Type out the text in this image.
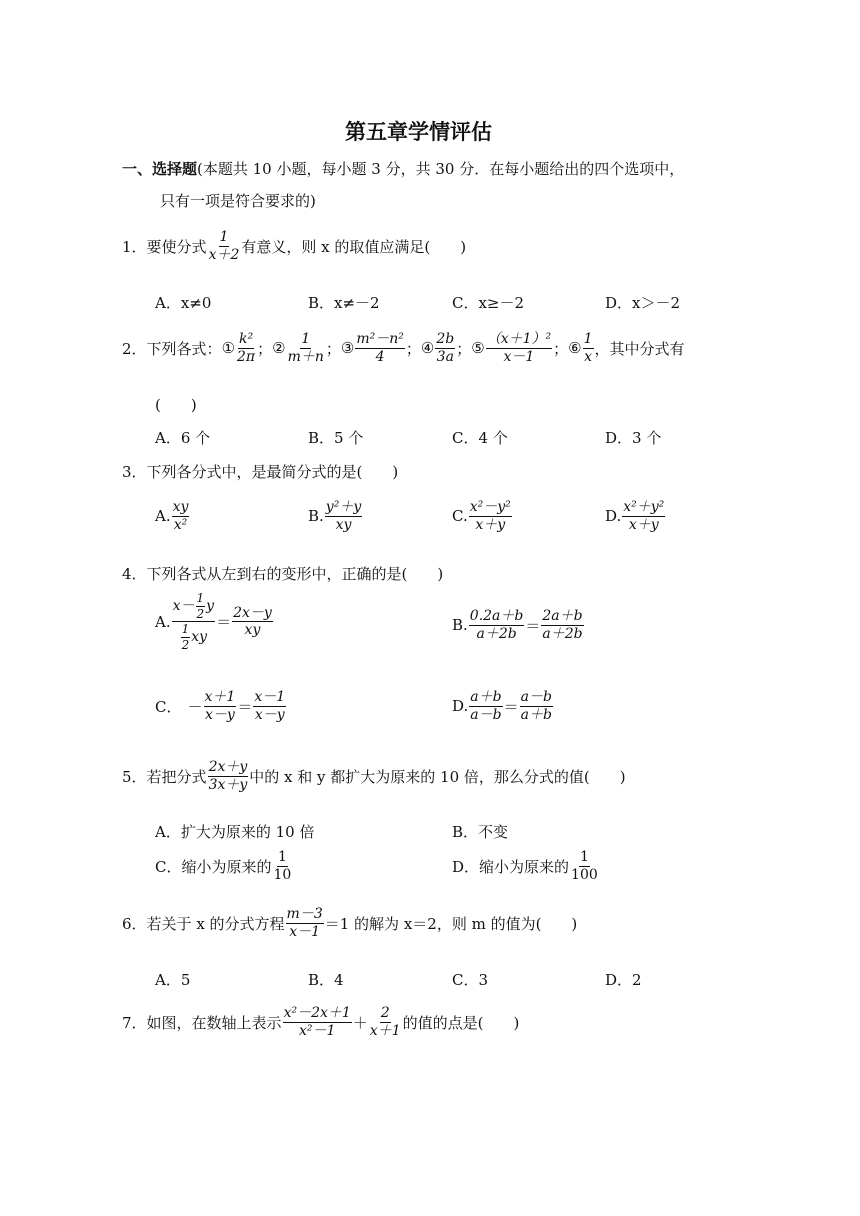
第五章学情评估
一、选择题(本题共 10 小题，每小题 3 分，共 30 分．在每小题给出的四个选项中，
只有一项是符合要求的)
1． 要使分式 $\frac{1}{x+2}$ 有意义，则 x 的取值应满足(　　)
A．x≠0	B．x≠－2	C．x≥－2	D．x＞－2
2． 下列各式： ① $\frac{\text{k²}}{2\pi}$ ； ② $\frac{1}{m+n}$ ； ③ $\frac{\text{m²－n²}}{4}$ ； ④ $\frac{2b}{3a}$ ； ⑤ $\frac{\text{（x＋1）²}}{x-1}$ ； ⑥ $\frac{1}{x}$ ，其中分式有
(　　)
A．6 个	B．5 个	C．4 个	D．3 个
3．下列各分式中，是最简分式的是(　　)
A. $\frac{xy}{\text{x²}}$	B. $\frac{\text{y²＋y}}{xy}$	C. $\frac{\text{x²－y²}}{x+y}$	D. $\frac{\text{x²＋y²}}{x+y}$
4．下列各式从左到右的变形中，正确的是(　　)
A. $\frac{x- \frac{1}{2} y}{\frac{1}{2} xy} = \frac{2x-y}{xy}$	B. $\frac{0.2a+b}{a+2b} = \frac{2a+b}{a+2b}$
C． － $\frac{x+1}{x-y} = \frac{x-1}{x-y}$	D. $\frac{a+b}{a-b} = \frac{a-b}{a+b}$
5． 若把分式 $\frac{2x+y}{3x+y}$ 中的 x 和 y 都扩大为原来的 10 倍，那么分式的值(　　)
A．扩大为原来的 10 倍	B．不变
C．缩小为原来的 $\frac{1}{10}$	D．缩小为原来的 $\frac{1}{100}$
6． 若关于 x 的分式方程 $\frac{m-3}{x-1} =1$ 的解为 x＝2，则 m 的值为(　　)
A．5	B．4	C．3	D．2
7． 如图，在数轴上表示 $\frac{\text{x²－2x＋1}}{\text{x²－1}} + \frac{2}{x+1}$ 的值的点是(　　)
